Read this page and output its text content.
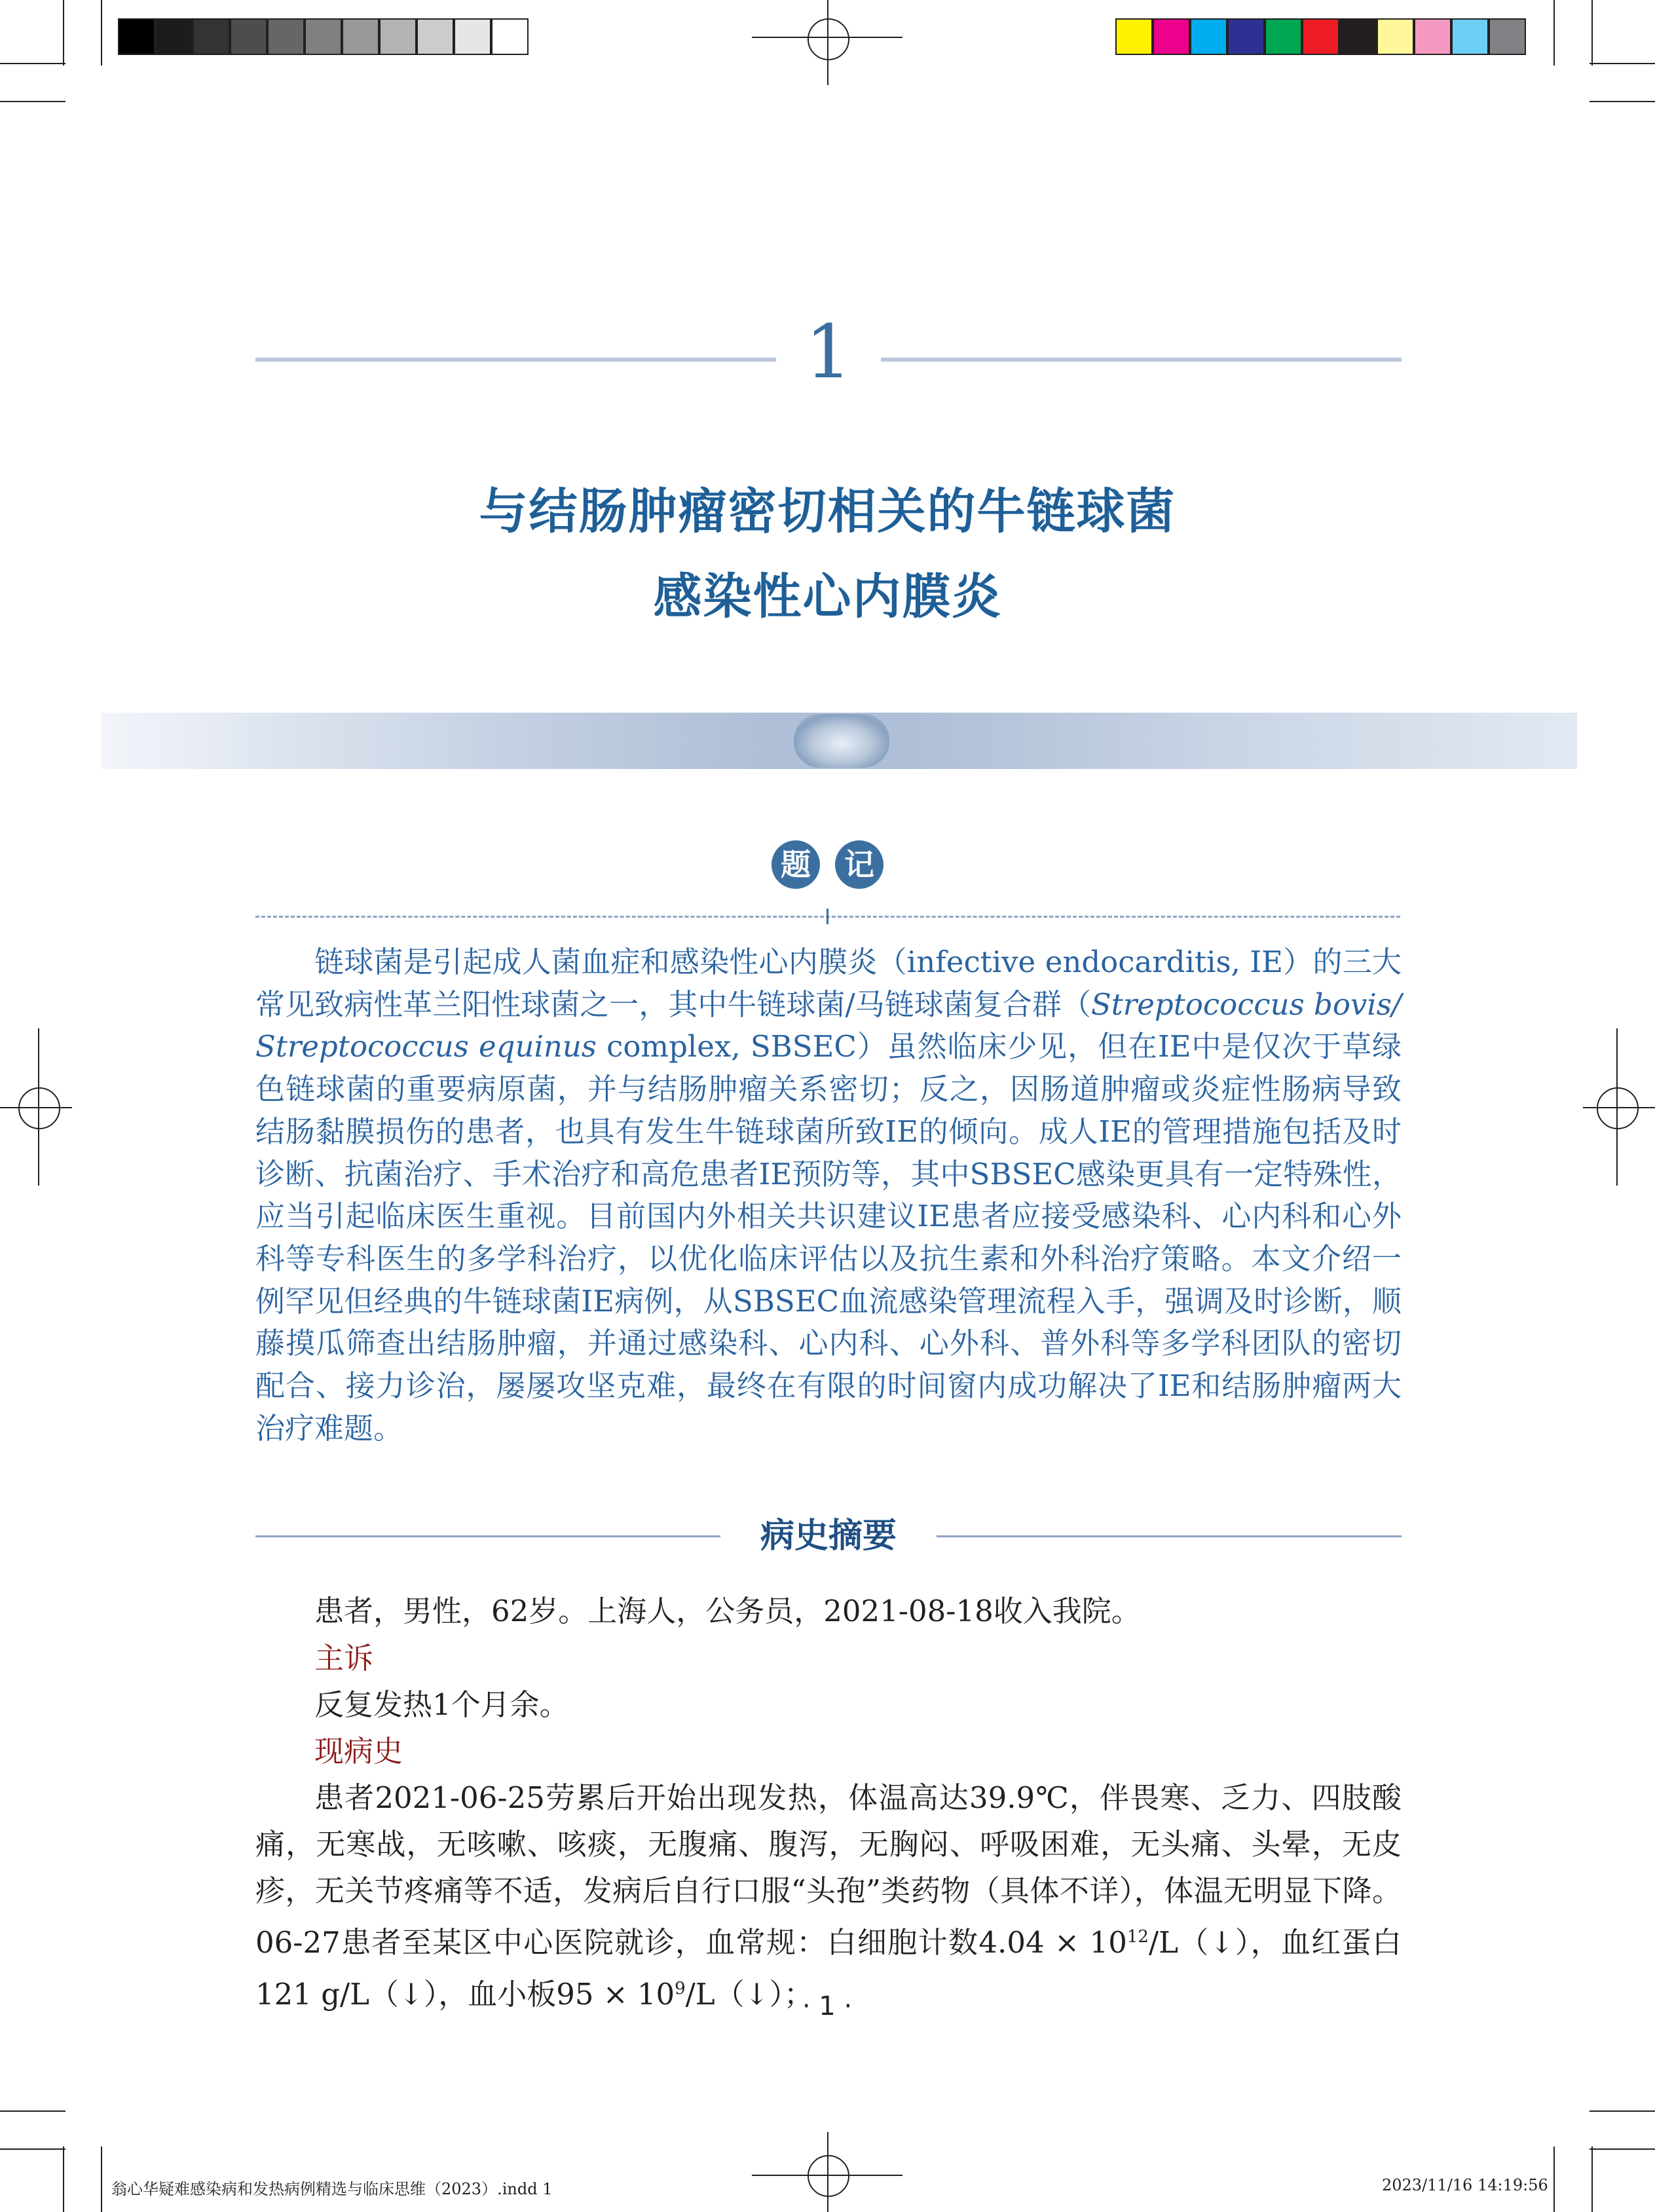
1
与结肠肿瘤密切相关的牛链球菌
感染性心内膜炎
题	记

链球菌是引起成人菌血症和感染性心内膜炎（infective endocarditis, IE）的三大常见致病性革兰阳性球菌之一，其中牛链球菌/马链球菌复合群（Streptococcus bovis/ Streptococcus equinus complex, SBSEC）虽然临床少见，但在IE中是仅次于草绿色链球菌的重要病原菌，并与结肠肿瘤关系密切；反之，因肠道肿瘤或炎症性肠病导致结肠黏膜损伤的患者，也具有发生牛链球菌所致IE的倾向。成人IE的管理措施包括及时诊断、抗菌治疗、手术治疗和高危患者IE预防等，其中SBSEC感染更具有一定特殊性，应当引起临床医生重视。目前国内外相关共识建议IE患者应接受感染科、心内科和心外科等专科医生的多学科治疗，以优化临床评估以及抗生素和外科治疗策略。本文介绍一例罕见但经典的牛链球菌IE病例，从SBSEC血流感染管理流程入手，强调及时诊断，顺藤摸瓜筛查出结肠肿瘤，并通过感染科、心内科、心外科、普外科等多学科团队的密切配合、接力诊治，屡屡攻坚克难，最终在有限的时间窗内成功解决了IE和结肠肿瘤两大治疗难题。

病史摘要

患者，男性，62岁。上海人，公务员，2021-08-18收入我院。

主诉

反复发热1个月余。

现病史

患者2021-06-25劳累后开始出现发热，体温高达39.9℃，伴畏寒、乏力、四肢酸痛，无寒战，无咳嗽、咳痰，无腹痛、腹泻，无胸闷、呼吸困难，无头痛、头晕，无皮疹，无关节疼痛等不适，发病后自行口服“头孢”类药物（具体不详），体温无明显下降。06-27患者至某区中心医院就诊，血常规：白细胞计数$4.04 \times 10^{12}/L(↓)$，血红蛋白121 g/L（↓），血小板$95 \times 10^9/L(↓)$；

· 1 ·
翁心华疑难感染病和发热病例精选与临床思维（2023）.indd 1	2023/11/16 14:19:56
